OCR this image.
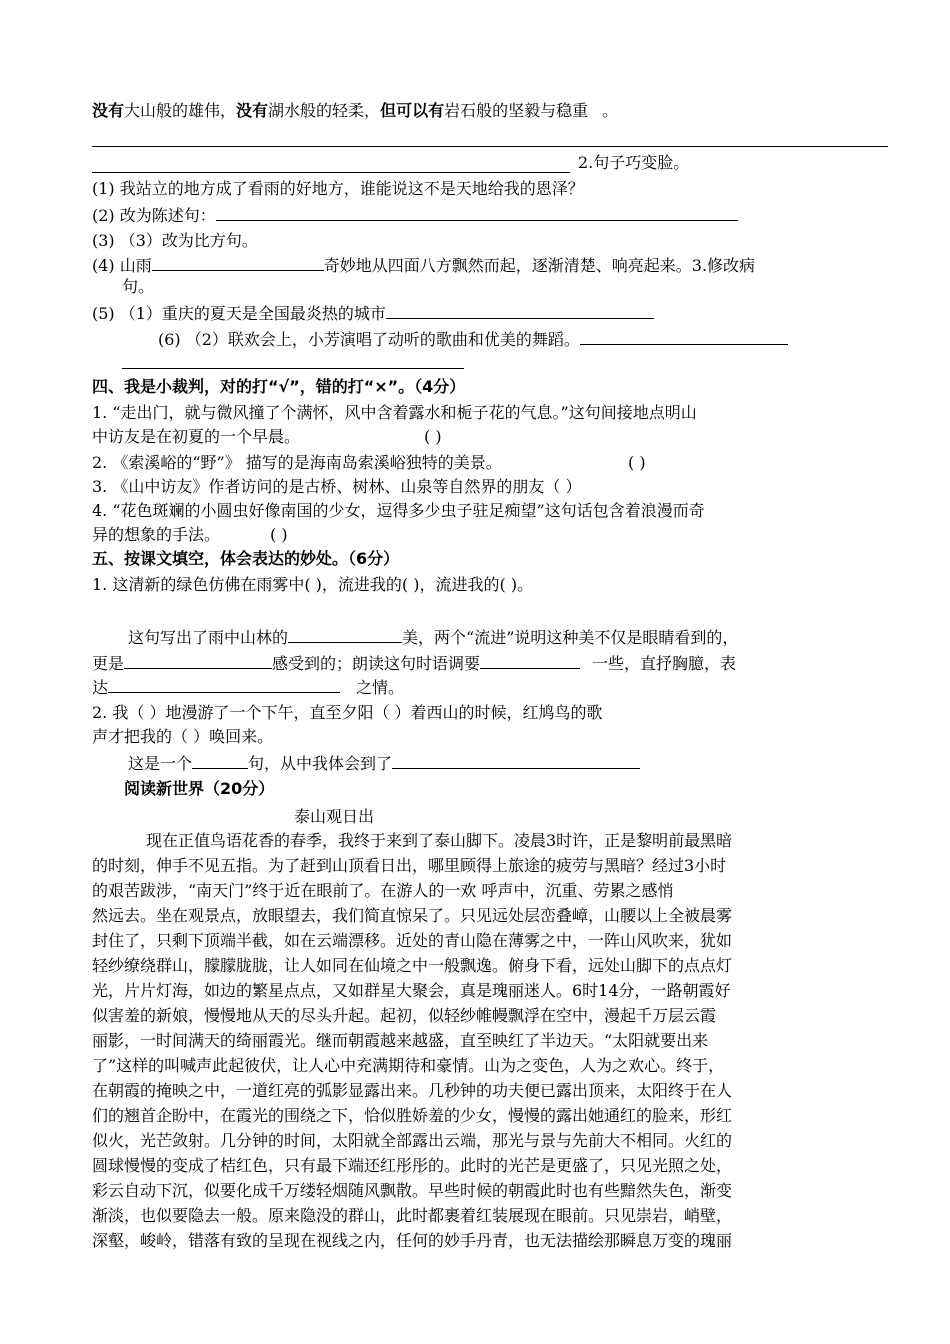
没有大山般的雄伟，没有湖水般的轻柔，但可以有岩石般的坚毅与稳重 。
2.句子巧变脸。
(1) 我站立的地方成了看雨的好地方，谁能说这不是天地给我的恩泽？
(2) 改为陈述句：
(3) （3）改为比方句。
(4) 山雨	奇妙地从四面八方飘然而起，逐渐清楚、响亮起来。3.修改病
句。
(5) （1）重庆的夏天是全国最炎热的城市
(6) （2）联欢会上，小芳演唱了动听的歌曲和优美的舞蹈。
四、我是小裁判，对的打“√”，错的打“×”。（4分）
1. “走出门，就与微风撞了个满怀，风中含着露水和栀子花的气息。”这句间接地点明山
中访友是在初夏的一个早晨。	( )
2. 《索溪峪的“野”》 描写的是海南岛索溪峪独特的美景。	( )
3. 《山中访友》作者访问的是古桥、树林、山泉等自然界的朋友（ ）
4. “花色斑斓的小圆虫好像南国的少女，逗得多少虫子驻足痴望”这句话包含着浪漫而奇
异的想象的手法。	( )
五、按课文填空，体会表达的妙处。（6分）
1. 这清新的绿色仿佛在雨雾中( )，流进我的( )，流进我的( )。
这句写出了雨中山林的	美，两个“流进”说明这种美不仅是眼睛看到的，
更是	感受到的；朗读这句时语调要	一些，直抒胸臆，表
达	之情。
2. 我（ ）地漫游了一个下午，直至夕阳（ ）着西山的时候，红鸠鸟的歌
声才把我的（ ）唤回来。
这是一个	句，从中我体会到了
阅读新世界（20分）
泰山观日出
现在正值鸟语花香的春季，我终于来到了泰山脚下。凌晨3时许，正是黎明前最黑暗
的时刻，伸手不见五指。为了赶到山顶看日出，哪里顾得上旅途的疲劳与黑暗？经过3小时
的艰苦跋涉，“南天门”终于近在眼前了。在游人的一欢 呼声中，沉重、劳累之感悄
然远去。坐在观景点，放眼望去，我们简直惊呆了。只见远处层峦叠嶂，山腰以上全被晨雾
封住了，只剩下顶端半截，如在云端漂移。近处的青山隐在薄雾之中，一阵山风吹来，犹如
轻纱缭绕群山，朦朦胧胧，让人如同在仙境之中一般飘逸。俯身下看，远处山脚下的点点灯
光，片片灯海，如边的繁星点点，又如群星大聚会，真是瑰丽迷人。6时14分，一路朝霞好
似害羞的新娘，慢慢地从天的尽头升起。起初，似轻纱帷幔飘浮在空中，漫起千万层云霞
丽影，一时间满天的绮丽霞光。继而朝霞越来越盛，直至映红了半边天。“太阳就要出来
了”这样的叫喊声此起彼伏，让人心中充满期待和豪情。山为之变色，人为之欢心。终于，
在朝霞的掩映之中，一道红亮的弧影显露出来。几秒钟的功夫便已露出顶来，太阳终于在人
们的翘首企盼中，在霞光的围绕之下，恰似胜娇羞的少女，慢慢的露出她通红的脸来，形红
似火，光芒敛射。几分钟的时间，太阳就全部露出云端，那光与景与先前大不相同。火红的
圆球慢慢的变成了桔红色，只有最下端还红彤彤的。此时的光芒是更盛了，只见光照之处，
彩云自动下沉，似要化成千万缕轻烟随风飘散。早些时候的朝霞此时也有些黯然失色，渐变
渐淡，也似要隐去一般。原来隐没的群山，此时都裹着红装展现在眼前。只见崇岩，峭壁，
深壑，峻岭，错落有致的呈现在视线之内，任何的妙手丹青，也无法描绘那瞬息万变的瑰丽
